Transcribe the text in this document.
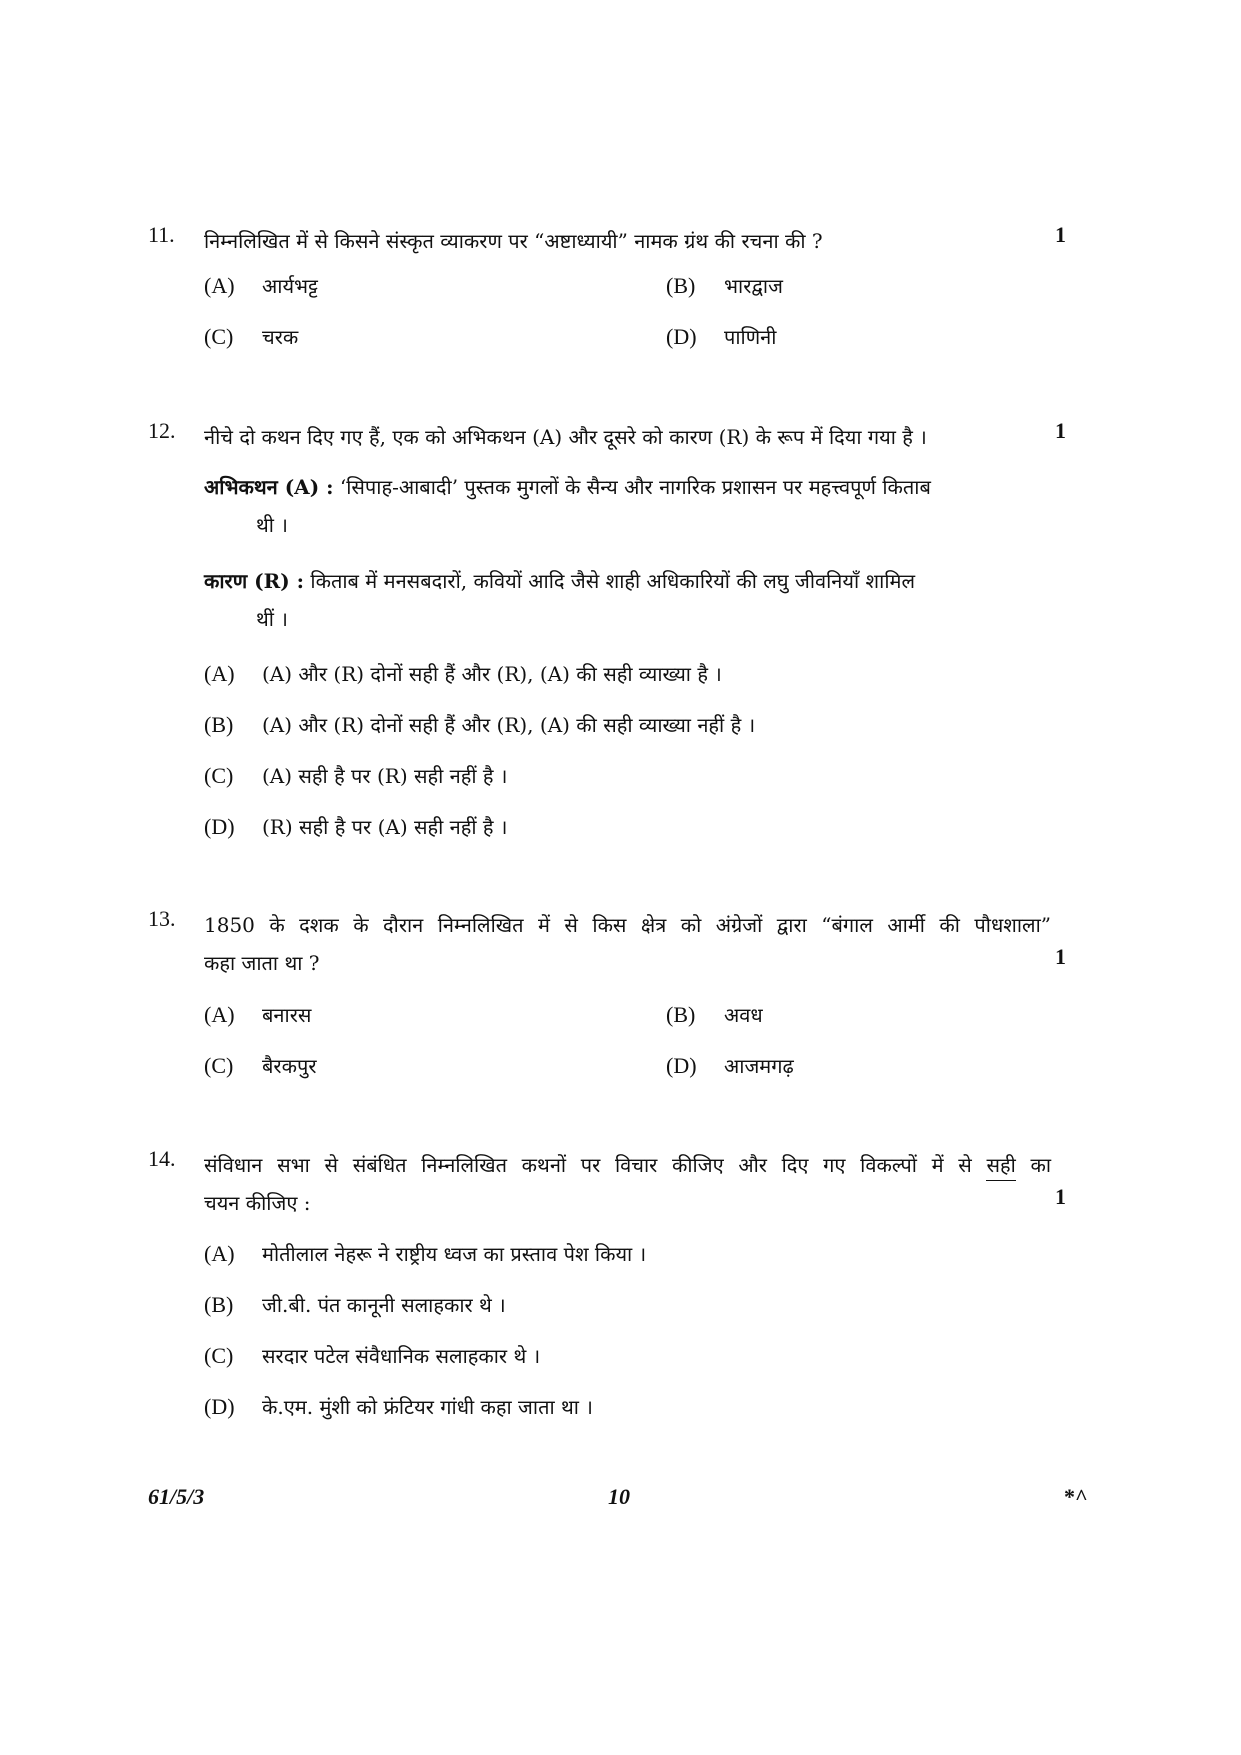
11. निम्नलिखित में से किसने संस्कृत व्याकरण पर “अष्टाध्यायी” नामक ग्रंथ की रचना की ?	1
(A) आर्यभट्ट	(B) भारद्वाज
(C) चरक	(D) पाणिनी
12. नीचे दो कथन दिए गए हैं, एक को अभिकथन (A) और दूसरे को कारण (R) के रूप में दिया गया है ।	1
अभिकथन (A) : ‘सिपाह-आबादी’ पुस्तक मुगलों के सैन्य और नागरिक प्रशासन पर महत्त्वपूर्ण किताब
थी ।
कारण (R) : किताब में मनसबदारों, कवियों आदि जैसे शाही अधिकारियों की लघु जीवनियाँ शामिल
थीं ।
(A) (A) और (R) दोनों सही हैं और (R), (A) की सही व्याख्या है ।
(B) (A) और (R) दोनों सही हैं और (R), (A) की सही व्याख्या नहीं है ।
(C) (A) सही है पर (R) सही नहीं है ।
(D) (R) सही है पर (A) सही नहीं है ।
13. 1850 के दशक के दौरान निम्नलिखित में से किस क्षेत्र को अंग्रेजों द्वारा “बंगाल आर्मी की पौधशाला”
कहा जाता था ?	1
(A) बनारस	(B) अवध
(C) बैरकपुर	(D) आजमगढ़
14. संविधान सभा से संबंधित निम्नलिखित कथनों पर विचार कीजिए और दिए गए विकल्पों में से सही का
चयन कीजिए :	1
(A) मोतीलाल नेहरू ने राष्ट्रीय ध्वज का प्रस्ताव पेश किया ।
(B) जी.बी. पंत कानूनी सलाहकार थे ।
(C) सरदार पटेल संवैधानिक सलाहकार थे ।
(D) के.एम. मुंशी को फ्रंटियर गांधी कहा जाता था ।
61/5/3	10	*^
